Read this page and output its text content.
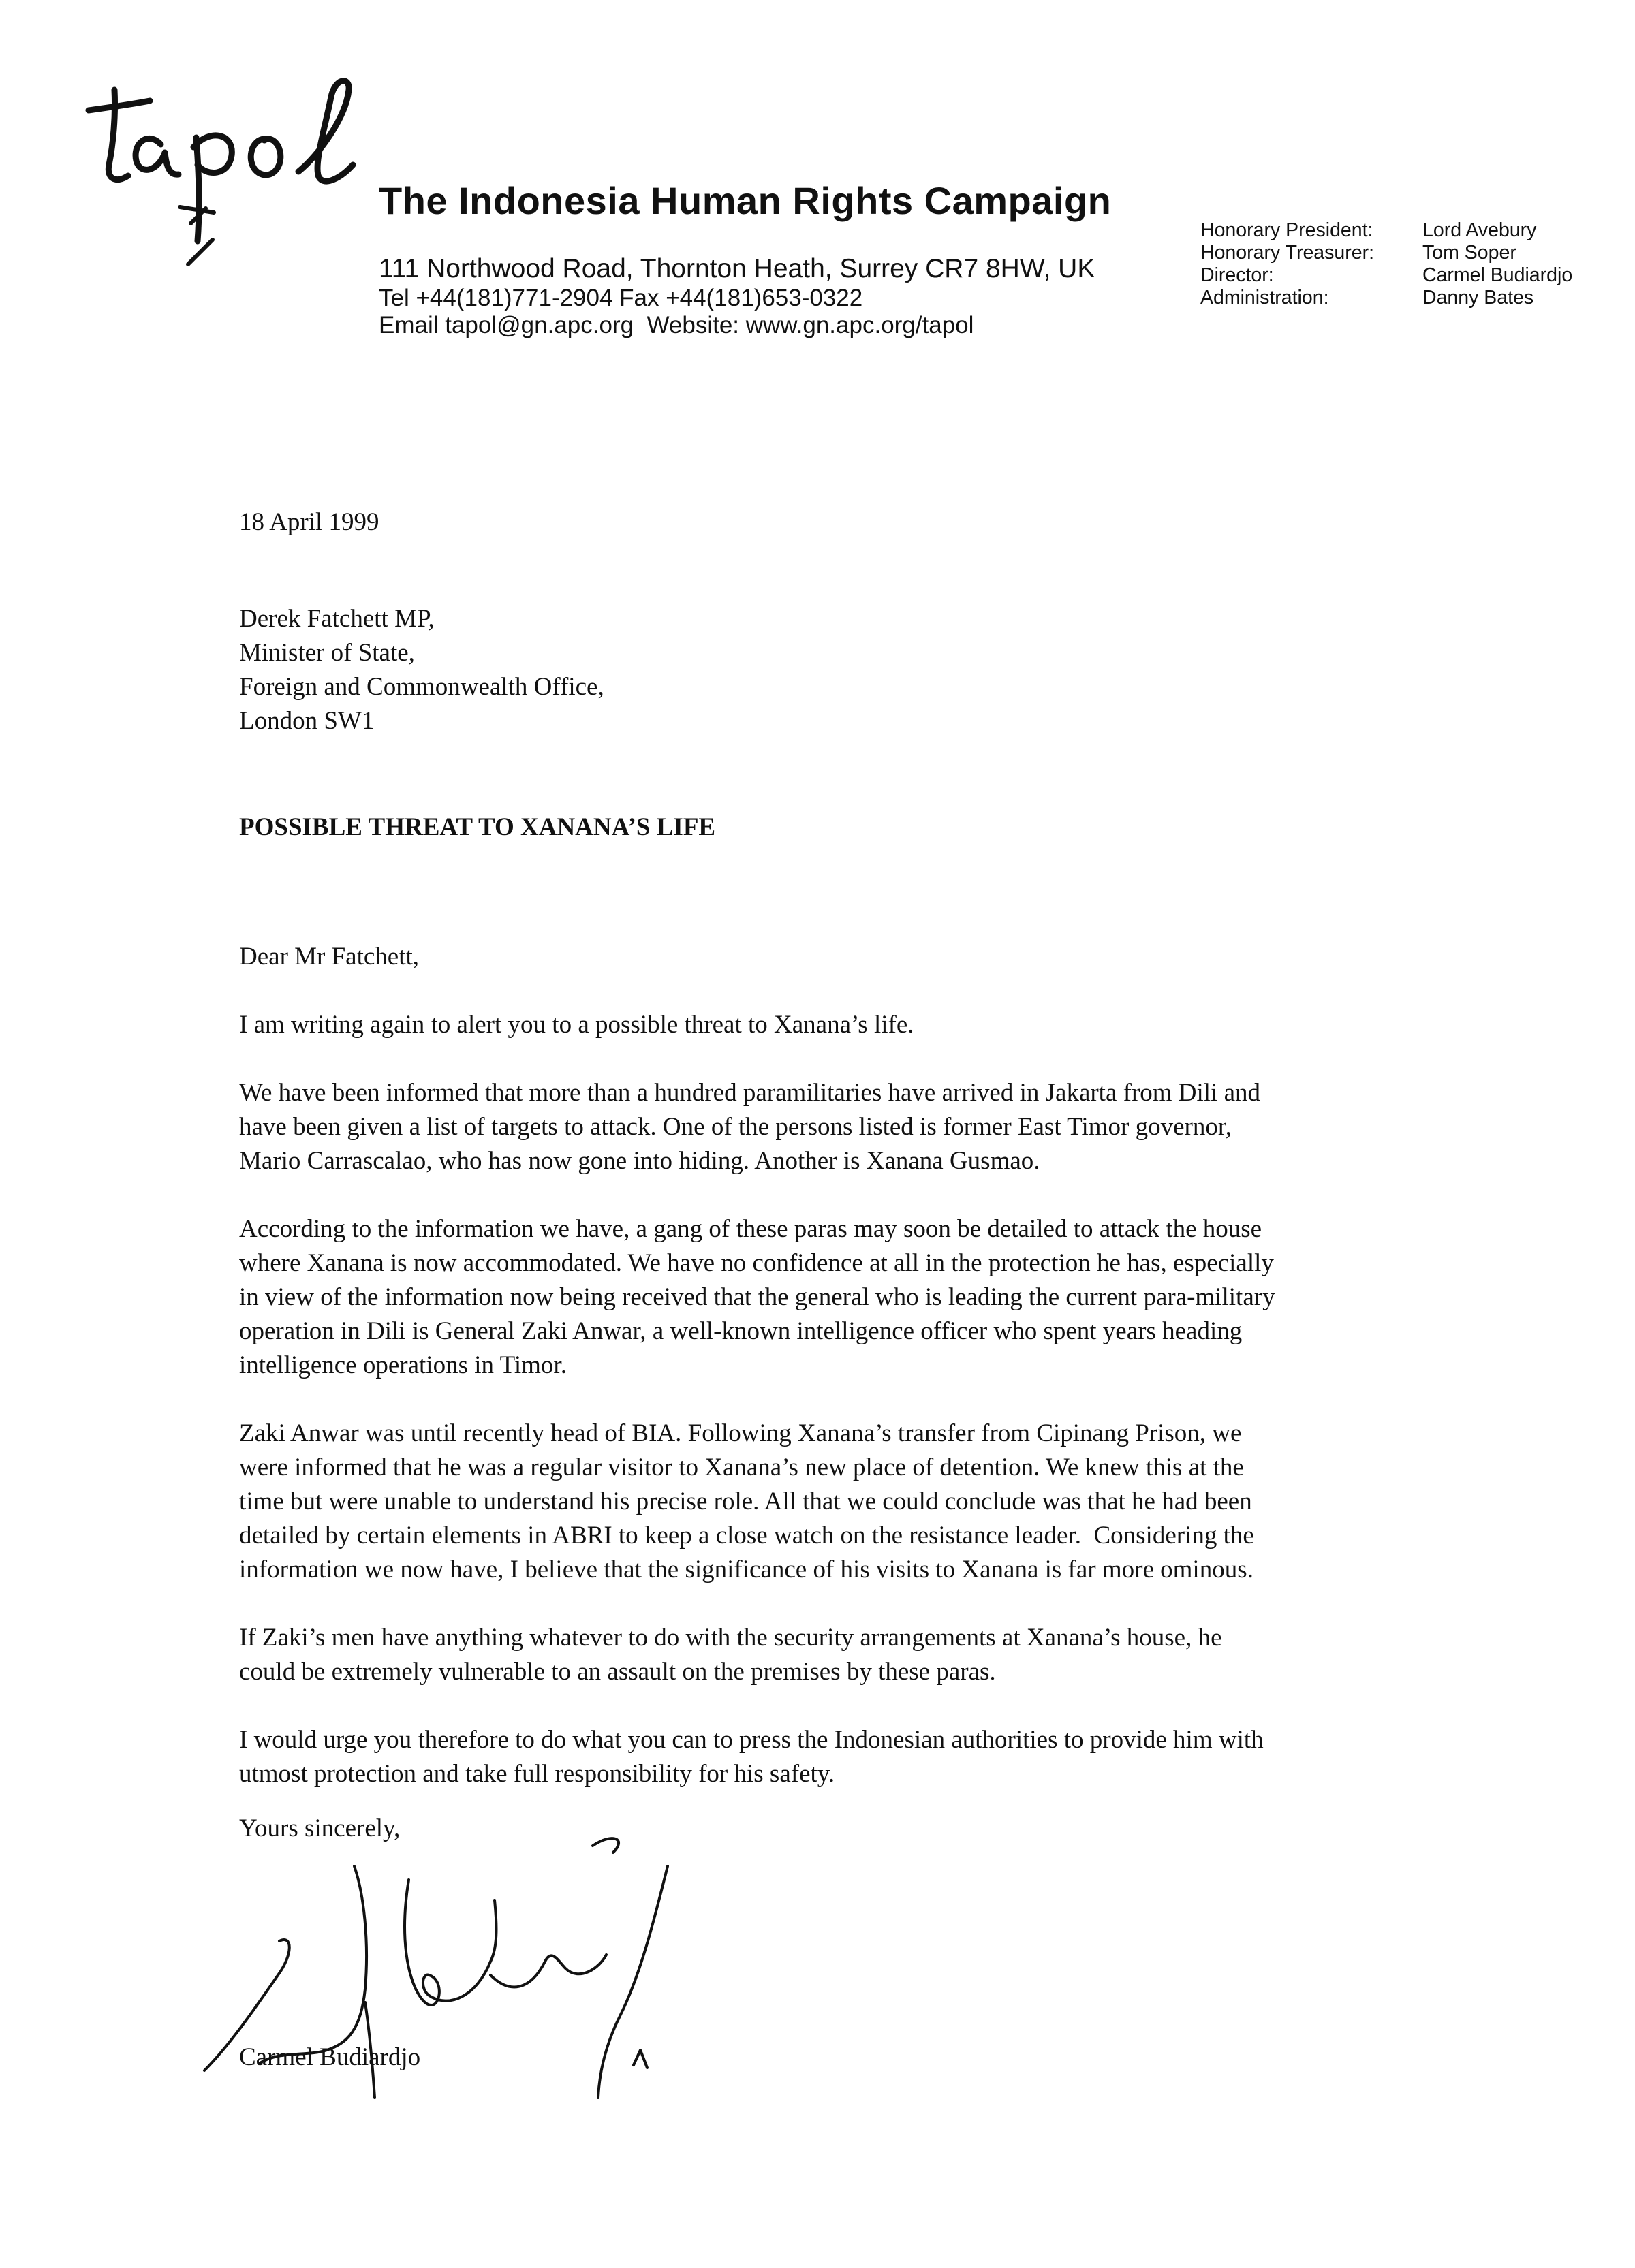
The Indonesia Human Rights Campaign
111 Northwood Road, Thornton Heath, Surrey CR7 8HW, UK
Tel +44(181)771-2904 Fax +44(181)653-0322
Email tapol@gn.apc.org  Website: www.gn.apc.org/tapol
Honorary President:	Lord Avebury
Honorary Treasurer:	Tom Soper
Director:	Carmel Budiardjo
Administration:	Danny Bates
18 April 1999
Derek Fatchett MP,
Minister of State,
Foreign and Commonwealth Office,
London SW1
POSSIBLE THREAT TO XANANA’S LIFE
Dear Mr Fatchett,

I am writing again to alert you to a possible threat to Xanana’s life.

We have been informed that more than a hundred paramilitaries have arrived in Jakarta from Dili and
have been given a list of targets to attack. One of the persons listed is former East Timor governor,
Mario Carrascalao, who has now gone into hiding. Another is Xanana Gusmao.

According to the information we have, a gang of these paras may soon be detailed to attack the house
where Xanana is now accommodated. We have no confidence at all in the protection he has, especially
in view of the information now being received that the general who is leading the current para-military
operation in Dili is General Zaki Anwar, a well-known intelligence officer who spent years heading
intelligence operations in Timor.

Zaki Anwar was until recently head of BIA. Following Xanana’s transfer from Cipinang Prison, we
were informed that he was a regular visitor to Xanana’s new place of detention. We knew this at the
time but were unable to understand his precise role. All that we could conclude was that he had been
detailed by certain elements in ABRI to keep a close watch on the resistance leader.  Considering the
information we now have, I believe that the significance of his visits to Xanana is far more ominous.

If Zaki’s men have anything whatever to do with the security arrangements at Xanana’s house, he
could be extremely vulnerable to an assault on the premises by these paras.

I would urge you therefore to do what you can to press the Indonesian authorities to provide him with
utmost protection and take full responsibility for his safety.

Yours sincerely,
Carmel Budiardjo
